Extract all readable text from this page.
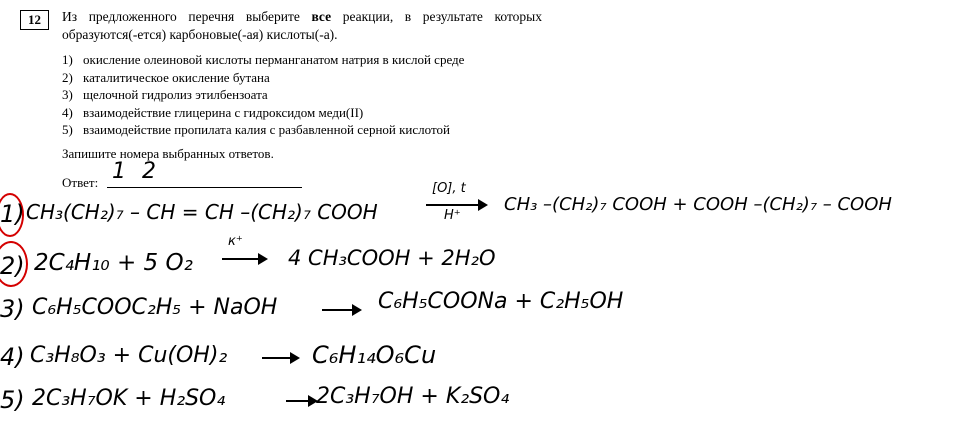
12	Из предложенного перечня выберите все реакции, в результате которых образуются(-ется) карбоновые(-ая) кислоты(-а).
1) окисление олеиновой кислоты перманганатом натрия в кислой среде
2) каталитическое окисление бутана
3) щелочной гидролиз этилбензоата
4) взаимодействие глицерина с гидроксидом меди(II)
5) взаимодействие пропилата калия с разбавленной серной кислотой
Запишите номера выбранных ответов.
Ответ: 12
1) CH₃(CH₂)₇ – CH = CH –(CH₂)₇ COOH
[O], t
H⁺
CH₃ –(CH₂)₇ COOH + COOH –(CH₂)₇ – COOH
2) 2C₄H₁₀ + 5 O₂
к⁺
→ 4 CH₃COOH + 2H₂O
3) C₆H₅COOC₂H₅ + NaOH	→ C₆H₅COONa + C₂H₅OH
4) C₃H₈O₃ + Cu(OH)₂ → C₆H₁₄O₆Cu
5) 2C₃H₇OK + H₂SO₄	→ 2C₃H₇OH + K₂SO₄
